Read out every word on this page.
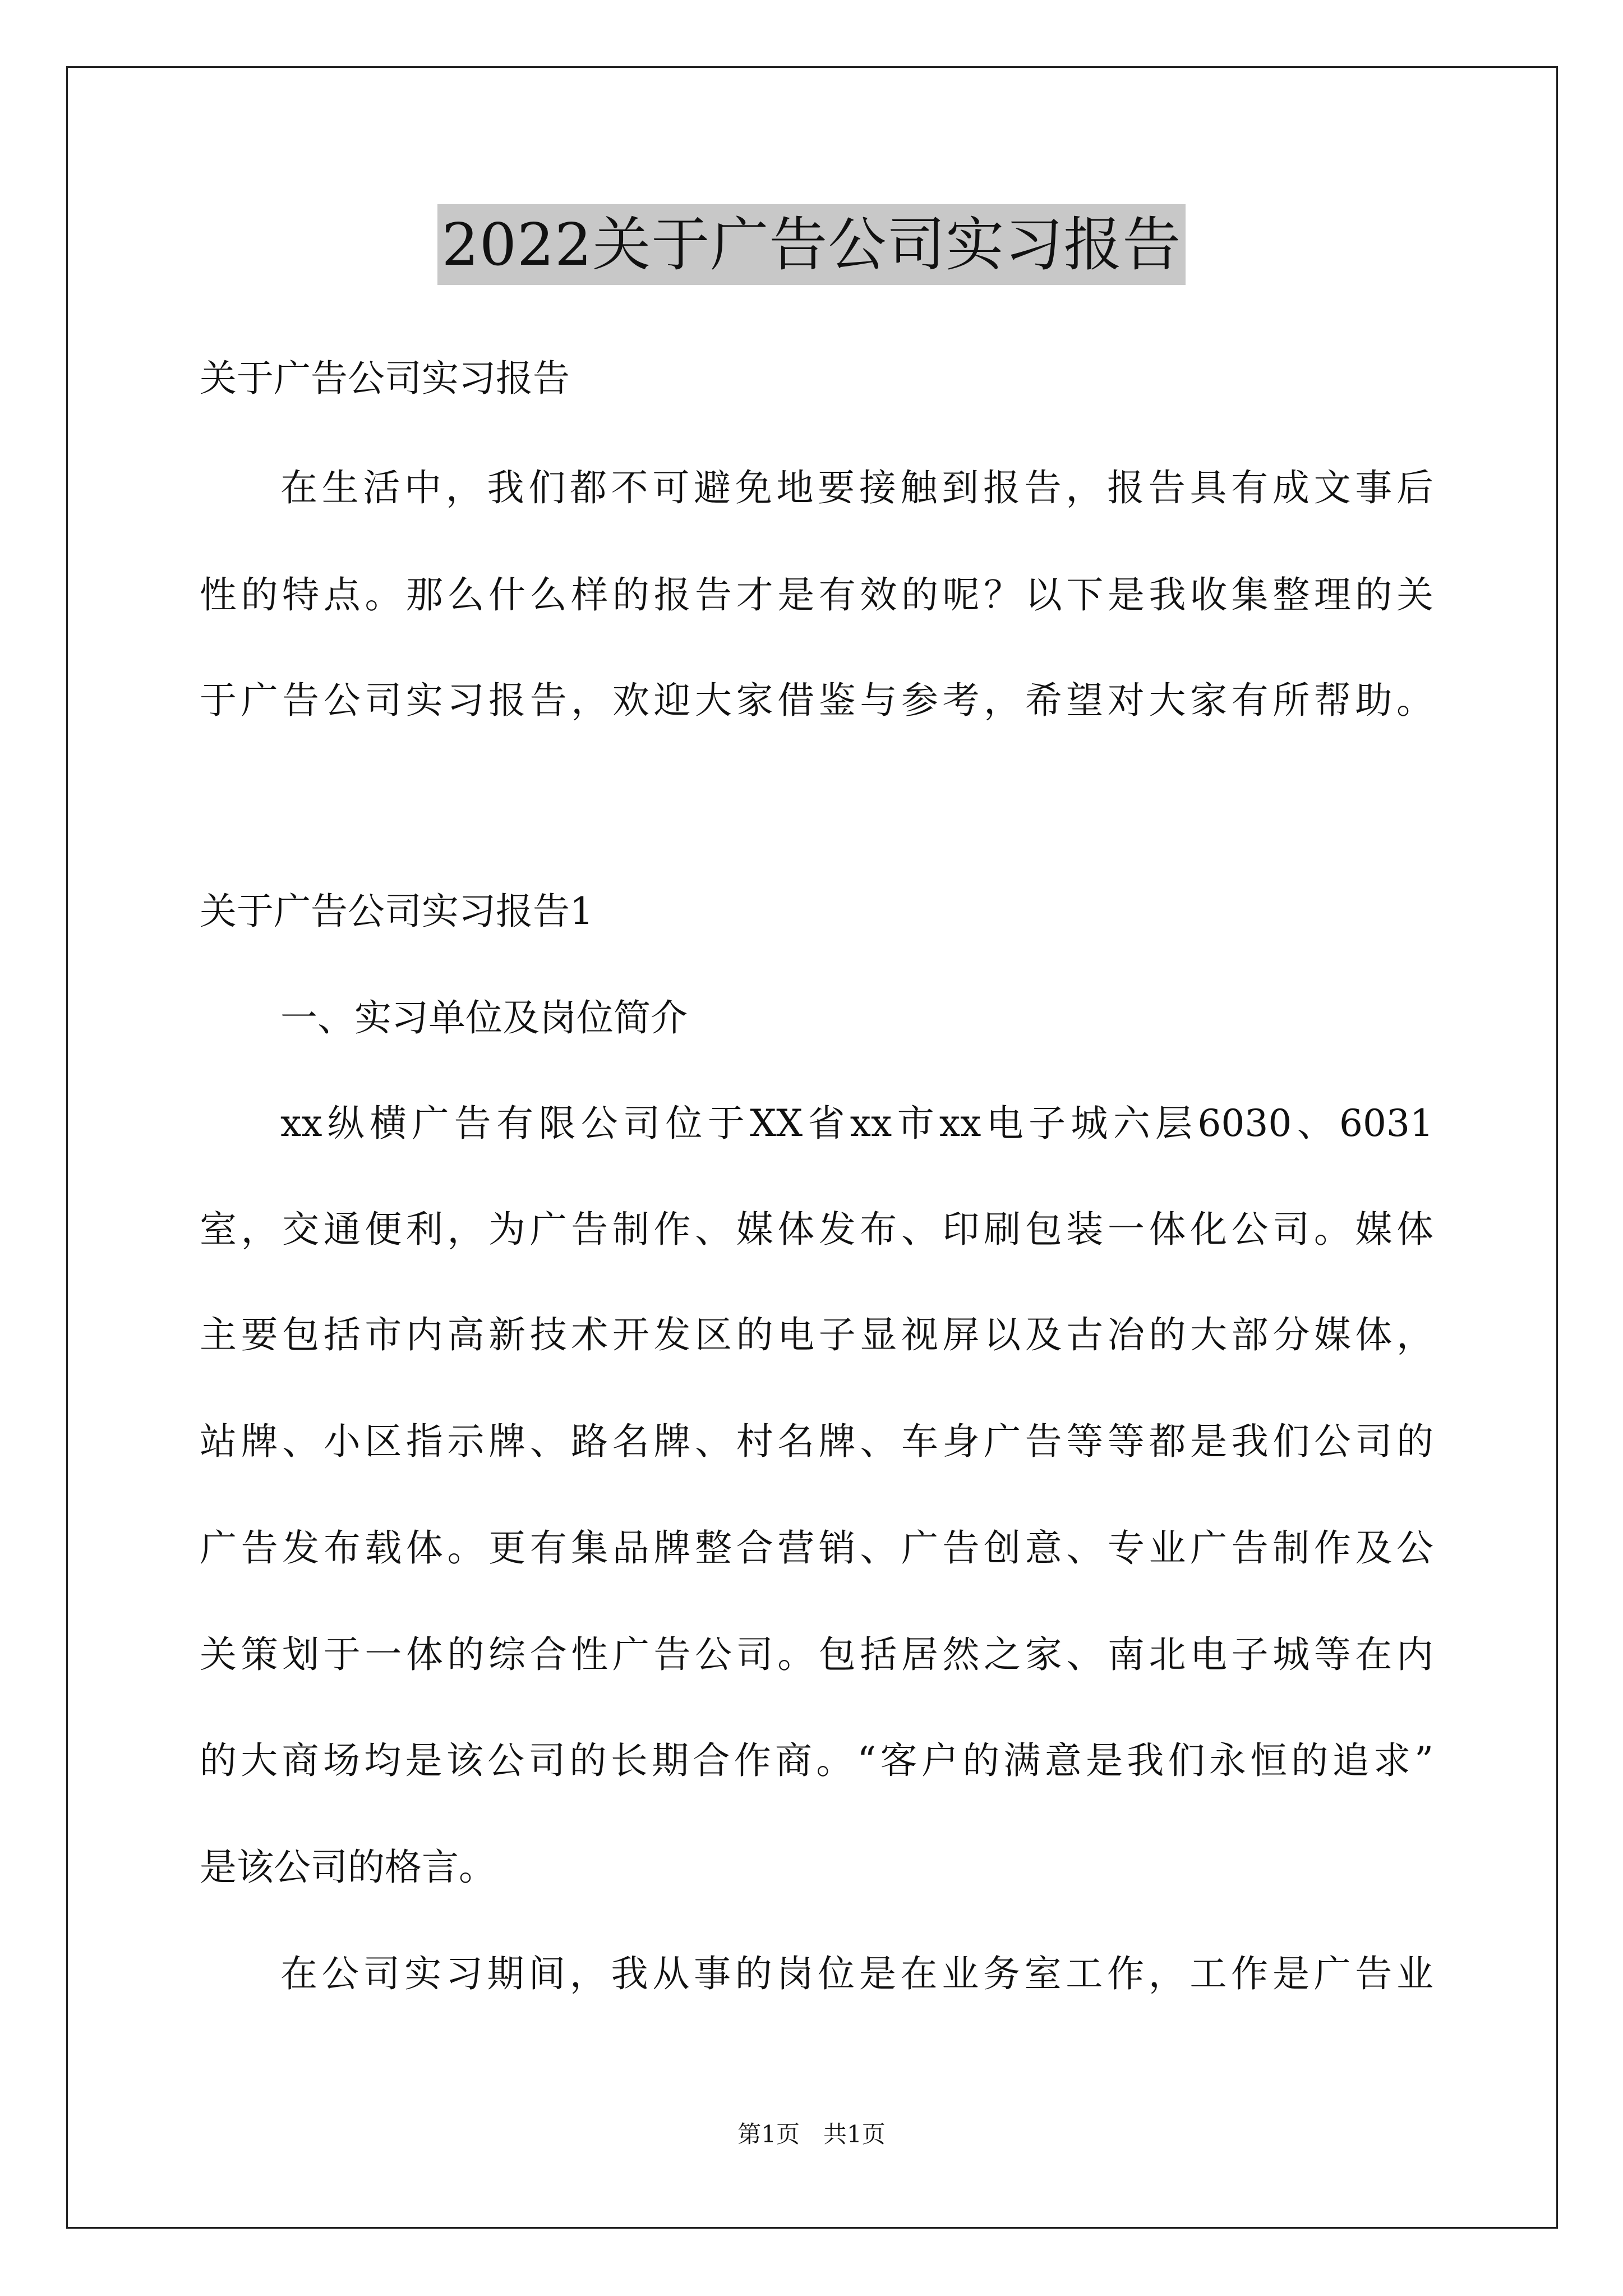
2022关于广告公司实习报告
关于广告公司实习报告
在生活中，我们都不可避免地要接触到报告，报告具有成文事后
性的特点。那么什么样的报告才是有效的呢？以下是我收集整理的关
于广告公司实习报告，欢迎大家借鉴与参考，希望对大家有所帮助。
关于广告公司实习报告1
一、实习单位及岗位简介
xx纵横广告有限公司位于XX省xx市xx电子城六层6030、6031
室，交通便利，为广告制作、媒体发布、印刷包装一体化公司。媒体
主要包括市内高新技术开发区的电子显视屏以及古冶的大部分媒体，
站牌、小区指示牌、路名牌、村名牌、车身广告等等都是我们公司的
广告发布载体。更有集品牌整合营销、广告创意、专业广告制作及公
关策划于一体的综合性广告公司。包括居然之家、南北电子城等在内
的大商场均是该公司的长期合作商。“客户的满意是我们永恒的追求”
是该公司的格言。
在公司实习期间，我从事的岗位是在业务室工作，工作是广告业
第1页　共1页
